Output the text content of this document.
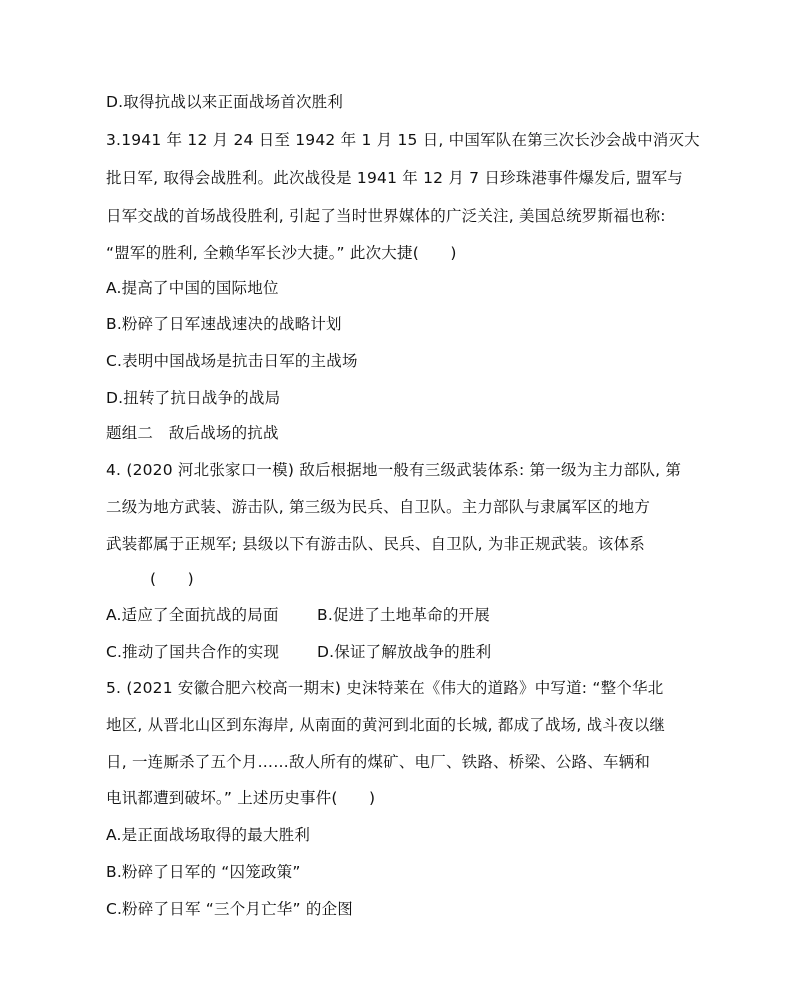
D.取得抗战以来正面战场首次胜利
3.1941 年 12 月 24 日至 1942 年 1 月 15 日, 中国军队在第三次长沙会战中消灭大
批日军, 取得会战胜利。此次战役是 1941 年 12 月 7 日珍珠港事件爆发后, 盟军与
日军交战的首场战役胜利, 引起了当时世界媒体的广泛关注, 美国总统罗斯福也称:
“盟军的胜利, 全赖华军长沙大捷。” 此次大捷(　　)
A.提高了中国的国际地位
B.粉碎了日军速战速决的战略计划
C.表明中国战场是抗击日军的主战场
D.扭转了抗日战争的战局
题组二　敌后战场的抗战
4. (2020 河北张家口一模) 敌后根据地一般有三级武装体系: 第一级为主力部队, 第
二级为地方武装、游击队, 第三级为民兵、自卫队。主力部队与隶属军区的地方
武装都属于正规军; 县级以下有游击队、民兵、自卫队, 为非正规武装。该体系
(　　)
A.适应了全面抗战的局面 B.促进了土地革命的开展
C.推动了国共合作的实现 D.保证了解放战争的胜利
5. (2021 安徽合肥六校高一期末) 史沫特莱在《伟大的道路》中写道: “整个华北
地区, 从晋北山区到东海岸, 从南面的黄河到北面的长城, 都成了战场, 战斗夜以继
日, 一连厮杀了五个月……敌人所有的煤矿、电厂、铁路、桥梁、公路、车辆和
电讯都遭到破坏。” 上述历史事件(　　)
A.是正面战场取得的最大胜利
B.粉碎了日军的 “囚笼政策”
C.粉碎了日军 “三个月亡华” 的企图
